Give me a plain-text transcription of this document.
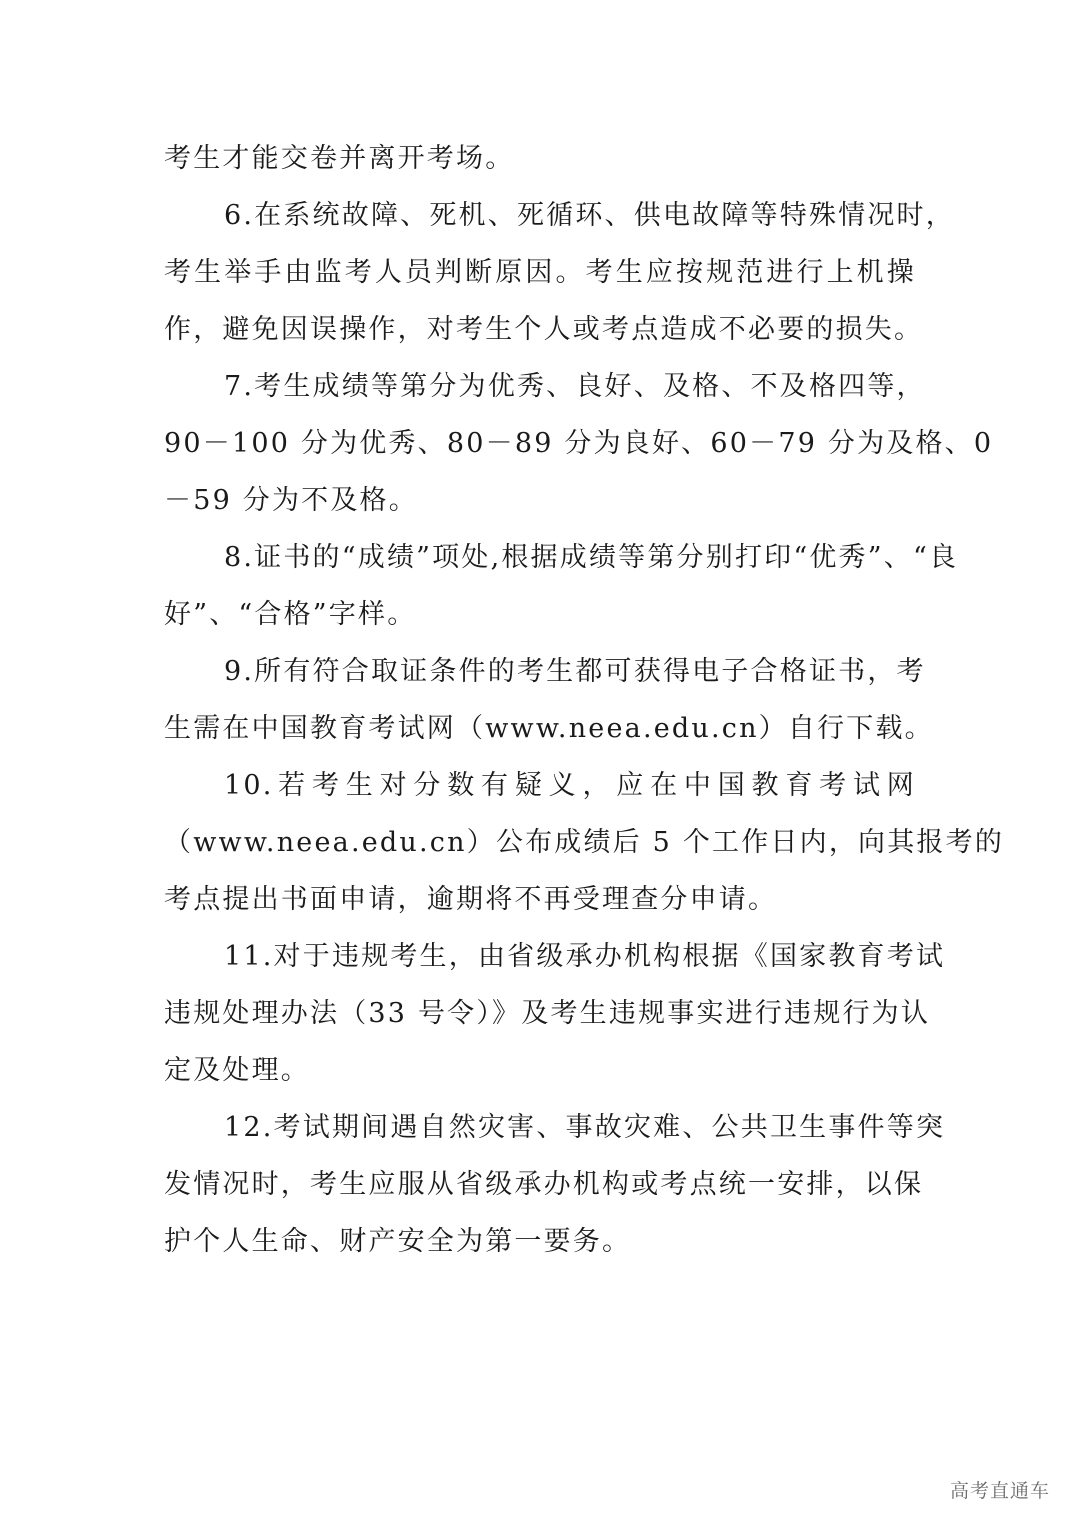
考生才能交卷并离开考场。

6.在系统故障、死机、死循环、供电故障等特殊情况时，
考生举手由监考人员判断原因。考生应按规范进行上机操
作，避免因误操作，对考生个人或考点造成不必要的损失。

7.考生成绩等第分为优秀、良好、及格、不及格四等，
90－100 分为优秀、80－89 分为良好、60－79 分为及格、0
－59 分为不及格。

8.证书的“成绩”项处,根据成绩等第分别打印“优秀”、“良
好”、“合格”字样。

9.所有符合取证条件的考生都可获得电子合格证书，考
生需在中国教育考试网（www.neea.edu.cn）自行下载。

10.若考生对分数有疑义，应在中国教育考试网
（www.neea.edu.cn）公布成绩后 5 个工作日内，向其报考的
考点提出书面申请，逾期将不再受理查分申请。

11.对于违规考生，由省级承办机构根据《国家教育考试
违规处理办法（33 号令）》及考生违规事实进行违规行为认
定及处理。

12.考试期间遇自然灾害、事故灾难、公共卫生事件等突
发情况时，考生应服从省级承办机构或考点统一安排，以保
护个人生命、财产安全为第一要务。

高考直通车
